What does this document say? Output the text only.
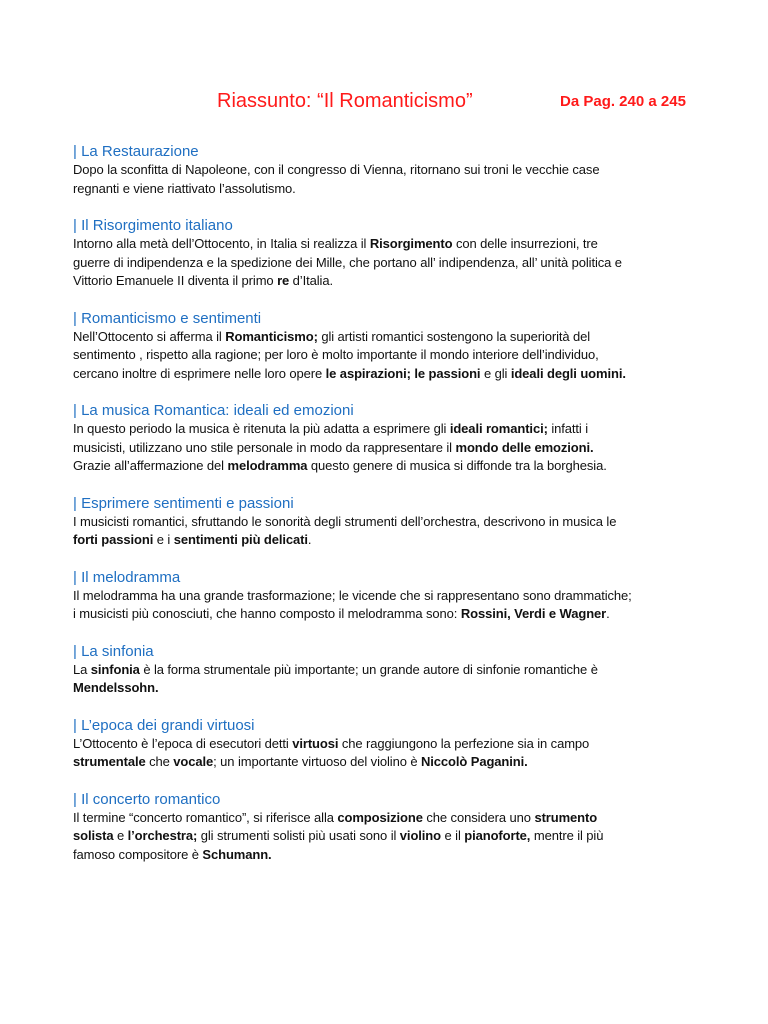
Riassunto: “Il Romanticismo”	Da Pag. 240 a 245
| La Restaurazione

Dopo la sconfitta di Napoleone, con il congresso di Vienna, ritornano sui troni le vecchie case
regnanti e viene riattivato l’assolutismo.

| Il Risorgimento italiano

Intorno alla metà dell’Ottocento, in Italia si realizza il Risorgimento con delle insurrezioni, tre
guerre di indipendenza e la spedizione dei Mille, che portano all’ indipendenza, all’ unità politica e
Vittorio Emanuele II diventa il primo re d’Italia.

| Romanticismo e sentimenti

Nell’Ottocento si afferma il Romanticismo; gli artisti romantici sostengono la superiorità del
sentimento , rispetto alla ragione; per loro è molto importante il mondo interiore dell’individuo,
cercano inoltre di esprimere nelle loro opere le aspirazioni; le passioni e gli ideali degli uomini.

| La musica Romantica: ideali ed emozioni

In questo periodo la musica è ritenuta la più adatta a esprimere gli ideali romantici; infatti i
musicisti, utilizzano uno stile personale in modo da rappresentare il mondo delle emozioni.
Grazie all’affermazione del melodramma questo genere di musica si diffonde tra la borghesia.

| Esprimere sentimenti e passioni

I musicisti romantici, sfruttando le sonorità degli strumenti dell’orchestra, descrivono in musica le
forti passioni e i sentimenti più delicati.

| Il melodramma

Il melodramma ha una grande trasformazione; le vicende che si rappresentano sono drammatiche;
i musicisti più conosciuti, che hanno composto il melodramma sono: Rossini, Verdi e Wagner.

| La sinfonia

La sinfonia è la forma strumentale più importante; un grande autore di sinfonie romantiche è
Mendelssohn.

| L’epoca dei grandi virtuosi

L’Ottocento è l’epoca di esecutori detti virtuosi che raggiungono la perfezione sia in campo
strumentale che vocale; un importante virtuoso del violino è Niccolò Paganini.

| Il concerto romantico

Il termine “concerto romantico”, si riferisce alla composizione che considera uno strumento
solista e l’orchestra; gli strumenti solisti più usati sono il violino e il pianoforte, mentre il più
famoso compositore è Schumann.
